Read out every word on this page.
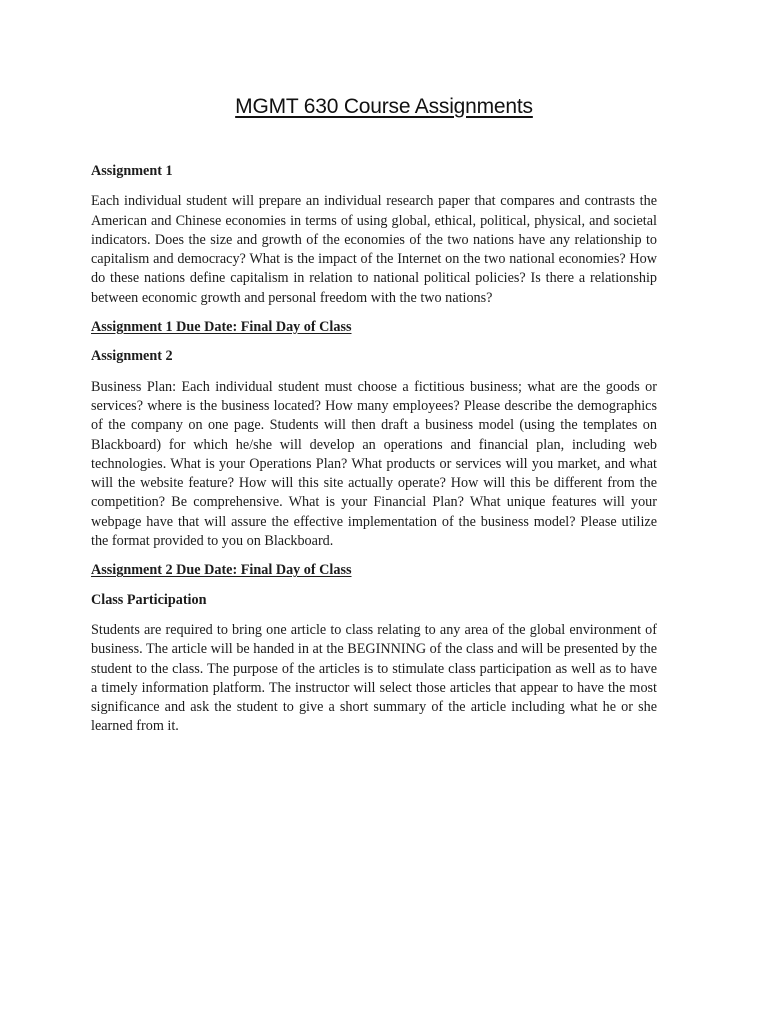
MGMT 630 Course Assignments

Assignment 1

Each individual student will prepare an individual research paper that compares and contrasts the American and Chinese economies in terms of using global, ethical, political, physical, and societal indicators. Does the size and growth of the economies of the two nations have any relationship to capitalism and democracy? What is the impact of the Internet on the two national economies? How do these nations define capitalism in relation to national political policies? Is there a relationship between economic growth and personal freedom with the two nations?

Assignment 1 Due Date: Final Day of Class

Assignment 2

Business Plan: Each individual student must choose a fictitious business; what are the goods or services? where is the business located? How many employees? Please describe the demographics of the company on one page. Students will then draft a business model (using the templates on Blackboard) for which he/she will develop an operations and financial plan, including web technologies. What is your Operations Plan? What products or services will you market, and what will the website feature? How will this site actually operate? How will this be different from the competition? Be comprehensive. What is your Financial Plan? What unique features will your webpage have that will assure the effective implementation of the business model? Please utilize the format provided to you on Blackboard.

Assignment 2 Due Date: Final Day of Class

Class Participation

Students are required to bring one article to class relating to any area of the global environment of business. The article will be handed in at the BEGINNING of the class and will be presented by the student to the class. The purpose of the articles is to stimulate class participation as well as to have a timely information platform. The instructor will select those articles that appear to have the most significance and ask the student to give a short summary of the article including what he or she learned from it.
